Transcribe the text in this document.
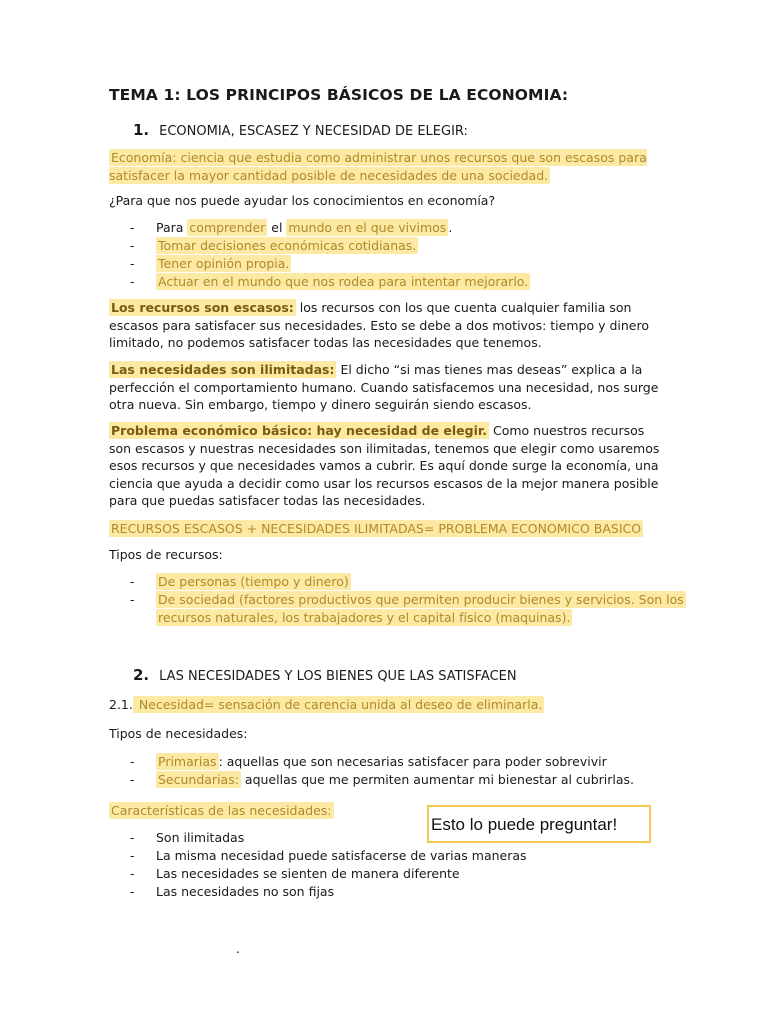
TEMA 1: LOS PRINCIPOS BÁSICOS DE LA ECONOMIA:
1. ECONOMIA, ESCASEZ Y NECESIDAD DE ELEGIR:
Economía: ciencia que estudia como administrar unos recursos que son escasos para satisfacer la mayor cantidad posible de necesidades de una sociedad.
¿Para que nos puede ayudar los conocimientos en economía?
- Para comprender el mundo en el que vivimos .
- Tomar decisiones económicas cotidianas.
- Tener opinión propia.
- Actuar en el mundo que nos rodea para intentar mejorarlo.
Los recursos son escasos: los recursos con los que cuenta cualquier familia son escasos para satisfacer sus necesidades. Esto se debe a dos motivos: tiempo y dinero limitado, no podemos satisfacer todas las necesidades que tenemos.
Las necesidades son ilimitadas: El dicho “si mas tienes mas deseas” explica a la perfección el comportamiento humano. Cuando satisfacemos una necesidad, nos surge otra nueva. Sin embargo, tiempo y dinero seguirán siendo escasos.
Problema económico básico: hay necesidad de elegir. Como nuestros recursos son escasos y nuestras necesidades son ilimitadas, tenemos que elegir como usaremos esos recursos y que necesidades vamos a cubrir. Es aquí donde surge la economía, una ciencia que ayuda a decidir como usar los recursos escasos de la mejor manera posible para que puedas satisfacer todas las necesidades.
RECURSOS ESCASOS + NECESIDADES ILIMITADAS= PROBLEMA ECONOMICO BASICO
Tipos de recursos:
- De personas (tiempo y dinero)
- De sociedad (factores productivos que permiten producir bienes y servicios. Son los
recursos naturales, los trabajadores y el capital físico (maquinas).
2. LAS NECESIDADES Y LOS BIENES QUE LAS SATISFACEN
2.1. Necesidad= sensación de carencia unida al deseo de eliminarla.
Tipos de necesidades:
- Primarias : aquellas que son necesarias satisfacer para poder sobrevivir
- Secundarias: aquellas que me permiten aumentar mi bienestar al cubrirlas.
Características de las necesidades:
Esto lo puede preguntar!
- Son ilimitadas
- La misma necesidad puede satisfacerse de varias maneras
- Las necesidades se sienten de manera diferente
- Las necesidades no son fijas
.
